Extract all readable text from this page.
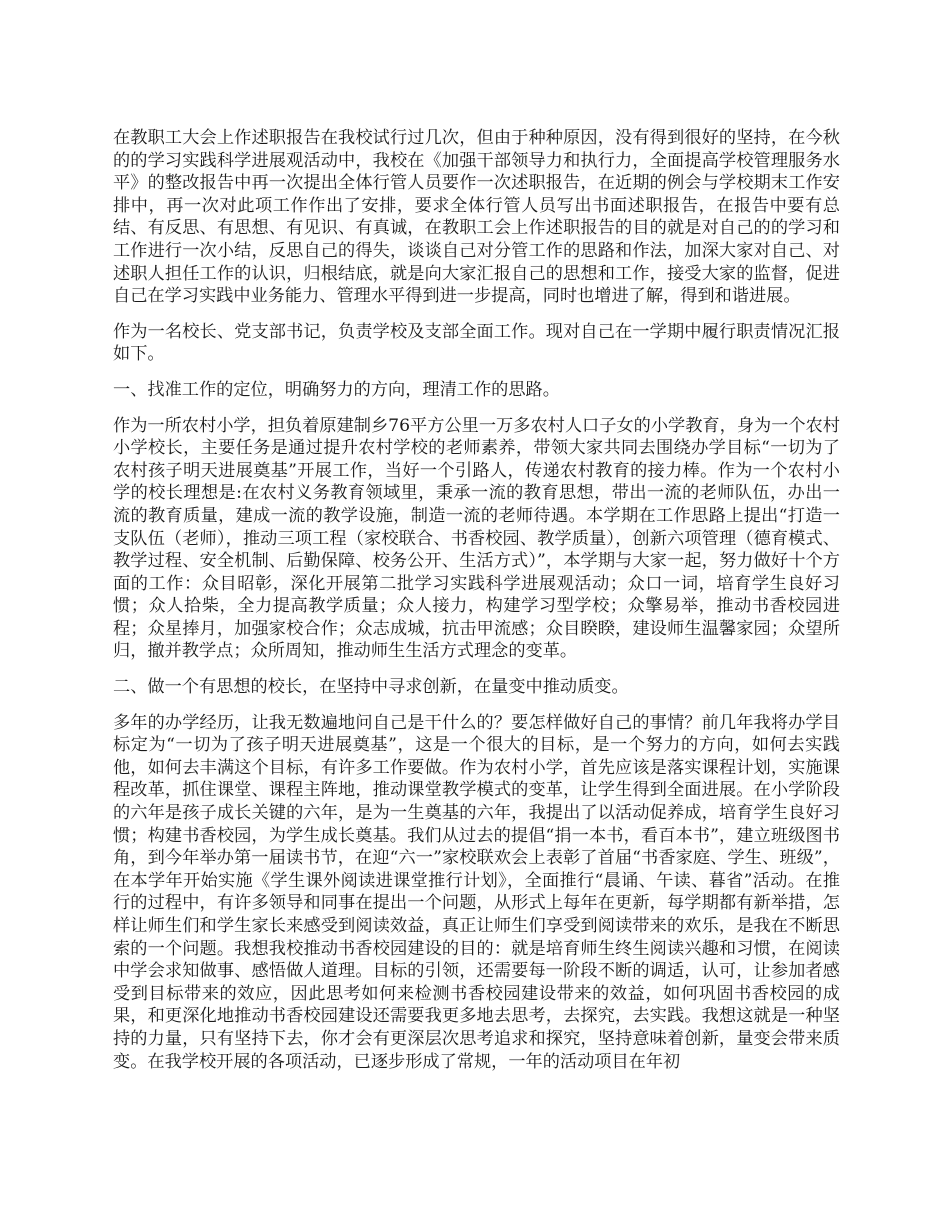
在教职工大会上作述职报告在我校试行过几次，但由于种种原因，没有得到很好的坚持，在今秋的的学习实践科学进展观活动中，我校在《加强干部领导力和执行力，全面提高学校管理服务水平》的整改报告中再一次提出全体行管人员要作一次述职报告，在近期的例会与学校期末工作安排中，再一次对此项工作作出了安排，要求全体行管人员写出书面述职报告，在报告中要有总结、有反思、有思想、有见识、有真诚，在教职工会上作述职报告的目的就是对自己的的学习和工作进行一次小结，反思自己的得失，谈谈自己对分管工作的思路和作法，加深大家对自己、对述职人担任工作的认识，归根结底，就是向大家汇报自己的思想和工作，接受大家的监督，促进自己在学习实践中业务能力、管理水平得到进一步提高，同时也增进了解，得到和谐进展。

作为一名校长、党支部书记，负责学校及支部全面工作。现对自己在一学期中履行职责情况汇报如下。

一、找准工作的定位，明确努力的方向，理清工作的思路。

作为一所农村小学，担负着原建制乡76平方公里一万多农村人口子女的小学教育，身为一个农村小学校长，主要任务是通过提升农村学校的老师素养，带领大家共同去围绕办学目标“一切为了农村孩子明天进展奠基”开展工作，当好一个引路人，传递农村教育的接力棒。作为一个农村小学的校长理想是:在农村义务教育领域里，秉承一流的教育思想，带出一流的老师队伍，办出一流的教育质量，建成一流的教学设施，制造一流的老师待遇。本学期在工作思路上提出“打造一支队伍（老师），推动三项工程（家校联合、书香校园、教学质量），创新六项管理（德育模式、教学过程、安全机制、后勤保障、校务公开、生活方式）”，本学期与大家一起，努力做好十个方面的工作：众目昭彰，深化开展第二批学习实践科学进展观活动；众口一词，培育学生良好习惯；众人拾柴，全力提高教学质量；众人接力，构建学习型学校；众擎易举，推动书香校园进程；众星捧月，加强家校合作；众志成城，抗击甲流感；众目睽睽，建设师生温馨家园；众望所归，撤并教学点；众所周知，推动师生生活方式理念的变革。

二、做一个有思想的校长，在坚持中寻求创新，在量变中推动质变。

多年的办学经历，让我无数遍地问自己是干什么的？要怎样做好自己的事情？前几年我将办学目标定为“一切为了孩子明天进展奠基”，这是一个很大的目标，是一个努力的方向，如何去实践他，如何去丰满这个目标，有许多工作要做。作为农村小学，首先应该是落实课程计划，实施课程改革，抓住课堂、课程主阵地，推动课堂教学模式的变革，让学生得到全面进展。在小学阶段的六年是孩子成长关键的六年，是为一生奠基的六年，我提出了以活动促养成，培育学生良好习惯；构建书香校园，为学生成长奠基。我们从过去的提倡“捐一本书，看百本书”，建立班级图书角，到今年举办第一届读书节，在迎“六一”家校联欢会上表彰了首届“书香家庭、学生、班级”，在本学年开始实施《学生课外阅读进课堂推行计划》，全面推行“晨诵、午读、暮省”活动。在推行的过程中，有许多领导和同事在提出一个问题，从形式上每年在更新，每学期都有新举措，怎样让师生们和学生家长来感受到阅读效益，真正让师生们享受到阅读带来的欢乐，是我在不断思索的一个问题。我想我校推动书香校园建设的目的：就是培育师生终生阅读兴趣和习惯，在阅读中学会求知做事、感悟做人道理。目标的引领，还需要每一阶段不断的调适，认可，让参加者感受到目标带来的效应，因此思考如何来检测书香校园建设带来的效益，如何巩固书香校园的成果，和更深化地推动书香校园建设还需要我更多地去思考，去探究，去实践。我想这就是一种坚持的力量，只有坚持下去，你才会有更深层次思考追求和探究，坚持意味着创新，量变会带来质变。在我学校开展的各项活动，已逐步形成了常规，一年的活动项目在年初
